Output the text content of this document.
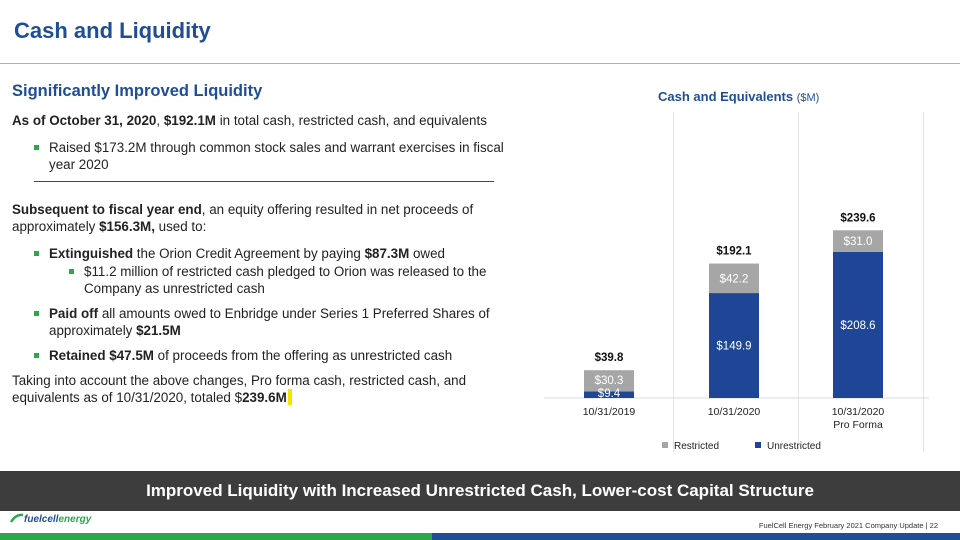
Cash and Liquidity
Significantly Improved Liquidity

As of October 31, 2020, $192.1M in total cash, restricted cash, and equivalents

Raised $173.2M through common stock sales and warrant exercises in fiscal year 2020

Subsequent to fiscal year end, an equity offering resulted in net proceeds of approximately $156.3M, used to:

Extinguished the Orion Credit Agreement by paying $87.3M owed
$11.2 million of restricted cash pledged to Orion was released to the Company as unrestricted cash
Paid off all amounts owed to Enbridge under Series 1 Preferred Shares of approximately $21.5M
Retained $47.5M of proceeds from the offering as unrestricted cash

Taking into account the above changes, Pro forma cash, restricted cash, and equivalents as of 10/31/2020, totaled $239.6M

Cash and Equivalents ($M)
$9.4
$30.3
$39.8
10/31/2019
$149.9
$42.2
$192.1
10/31/2020
$208.6
$31.0
$239.6
10/31/2020
Pro Forma
Restricted	Unrestricted
Improved Liquidity with Increased Unrestricted Cash, Lower-cost Capital Structure
fuelcellenergy
FuelCell Energy February 2021 Company Update | 22
